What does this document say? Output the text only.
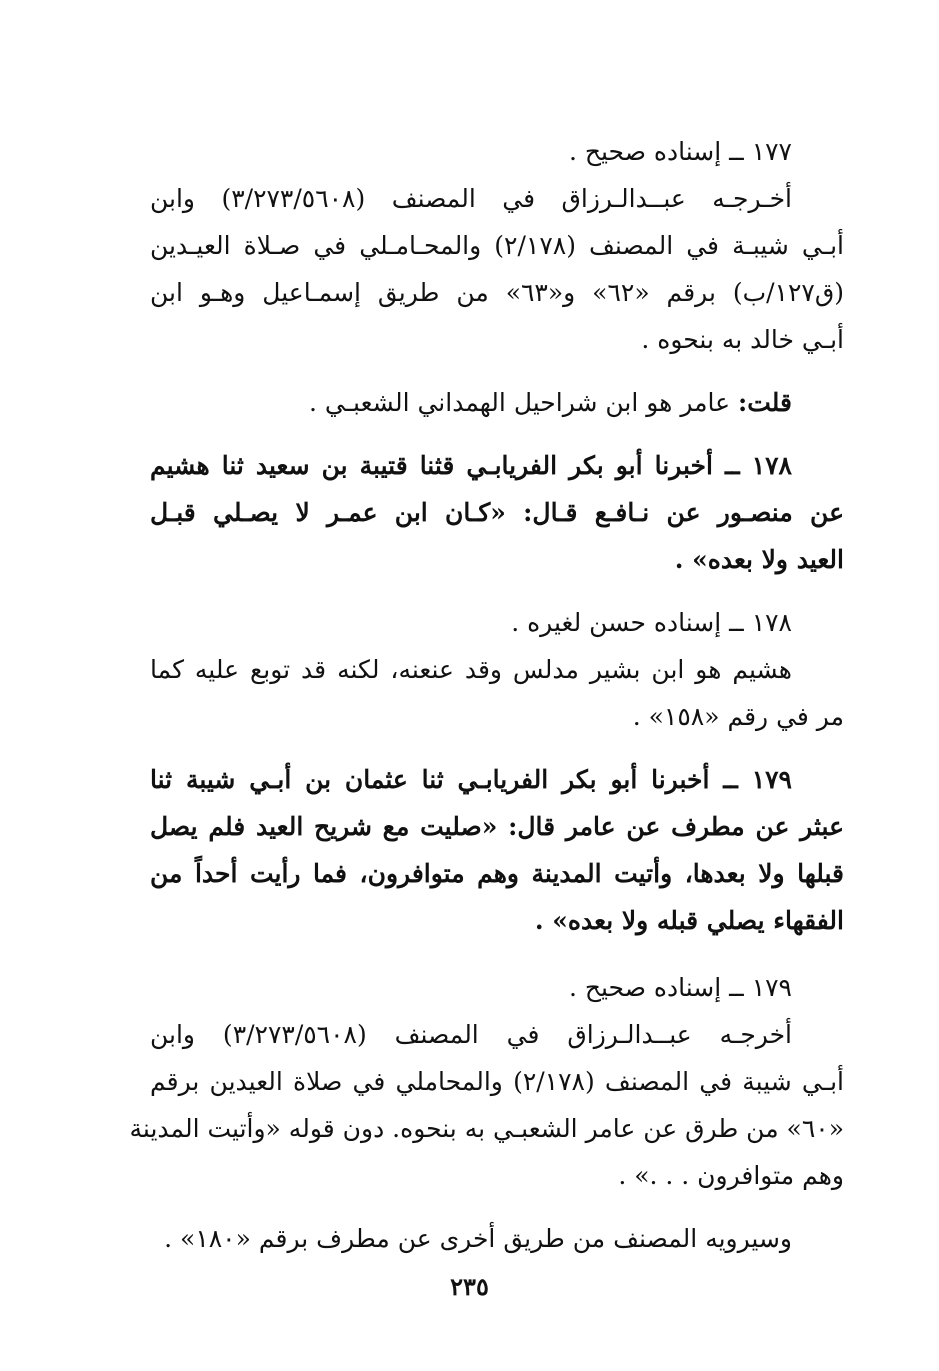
١٧٧ ــ إسناده صحيح .
أخـرجـه عبــدالـرزاق في المصنف (٣/٢٧٣/٥٦٠٨) وابن
أبـي شيبـة في المصنف (٢/١٧٨) والمحـامـلي في صـلاة العيـدين
(ق١٢٧/ب) برقم «٦٢» و«٦٣» من طريق إسمـاعيل وهـو ابن
أبـي خالد به بنحوه .
قلت: عامر هو ابن شراحيل الهمداني الشعبـي .
١٧٨ ــ أخبرنا أبو بكر الفريابـي قثنا قتيبة بن سعيد ثنا هشيم
عن منصـور عن نـافـع قـال: «كـان ابن عمـر لا يصـلي قبـل
العيد ولا بعده» .
١٧٨ ــ إسناده حسن لغيره .
هشيم هو ابن بشير مدلس وقد عنعنه، لكنه قد توبع عليه كما
مر في رقم «١٥٨» .
١٧٩ ــ أخبرنا أبو بكر الفريابـي ثنا عثمان بن أبـي شيبة ثنا
عبثر عن مطرف عن عامر قال: «صليت مع شريح العيد فلم يصل
قبلها ولا بعدها، وأتيت المدينة وهم متوافرون، فما رأيت أحداً من
الفقهاء يصلي قبله ولا بعده» .
١٧٩ ــ إسناده صحيح .
أخرجـه عبــدالـرزاق في المصنف (٣/٢٧٣/٥٦٠٨) وابن
أبـي شيبة في المصنف (٢/١٧٨) والمحاملي في صلاة العيدين برقم
«٦٠» من طرق عن عامر الشعبـي به بنحوه. دون قوله «وأتيت المدينة
وهم متوافرون . . .» .
وسيرويه المصنف من طريق أخرى عن مطرف برقم «١٨٠» .
٢٣٥
